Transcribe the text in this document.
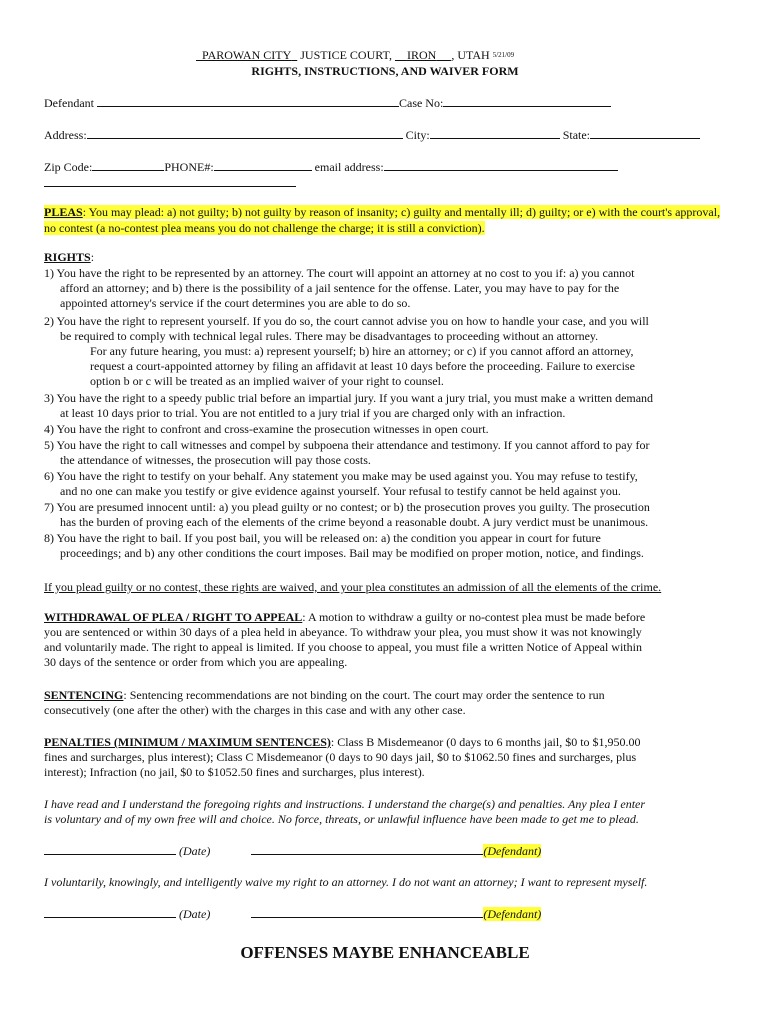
PAROWAN CITY JUSTICE COURT, IRON , UTAH 5/21/09
RIGHTS, INSTRUCTIONS, AND WAIVER FORM
Defendant	Case No:
Address:	City:	State:
Zip Code:	PHONE#:	email address:
PLEAS: You may plead: a) not guilty; b) not guilty by reason of insanity; c) guilty and mentally ill; d) guilty; or e) with the court's approval, no contest (a no-contest plea means you do not challenge the charge; it is still a conviction).
RIGHTS:
1) You have the right to be represented by an attorney. The court will appoint an attorney at no cost to you if: a) you cannot
afford an attorney; and b) there is the possibility of a jail sentence for the offense. Later, you may have to pay for the
appointed attorney's service if the court determines you are able to do so.
2) You have the right to represent yourself. If you do so, the court cannot advise you on how to handle your case, and you will
be required to comply with technical legal rules. There may be disadvantages to proceeding without an attorney.
For any future hearing, you must: a) represent yourself; b) hire an attorney; or c) if you cannot afford an attorney,
request a court-appointed attorney by filing an affidavit at least 10 days before the proceeding. Failure to exercise
option b or c will be treated as an implied waiver of your right to counsel.
3) You have the right to a speedy public trial before an impartial jury. If you want a jury trial, you must make a written demand
at least 10 days prior to trial. You are not entitled to a jury trial if you are charged only with an infraction.
4) You have the right to confront and cross-examine the prosecution witnesses in open court.
5) You have the right to call witnesses and compel by subpoena their attendance and testimony. If you cannot afford to pay for
the attendance of witnesses, the prosecution will pay those costs.
6) You have the right to testify on your behalf. Any statement you make may be used against you. You may refuse to testify,
and no one can make you testify or give evidence against yourself. Your refusal to testify cannot be held against you.
7) You are presumed innocent until: a) you plead guilty or no contest; or b) the prosecution proves you guilty. The prosecution
has the burden of proving each of the elements of the crime beyond a reasonable doubt. A jury verdict must be unanimous.
8) You have the right to bail. If you post bail, you will be released on: a) the condition you appear in court for future
proceedings; and b) any other conditions the court imposes. Bail may be modified on proper motion, notice, and findings.
If you plead guilty or no contest, these rights are waived, and your plea constitutes an admission of all the elements of the crime.
WITHDRAWAL OF PLEA / RIGHT TO APPEAL: A motion to withdraw a guilty or no-contest plea must be made before
you are sentenced or within 30 days of a plea held in abeyance. To withdraw your plea, you must show it was not knowingly
and voluntarily made. The right to appeal is limited. If you choose to appeal, you must file a written Notice of Appeal within
30 days of the sentence or order from which you are appealing.
SENTENCING: Sentencing recommendations are not binding on the court. The court may order the sentence to run
consecutively (one after the other) with the charges in this case and with any other case.
PENALTIES (MINIMUM / MAXIMUM SENTENCES): Class B Misdemeanor (0 days to 6 months jail, $0 to $1,950.00
fines and surcharges, plus interest); Class C Misdemeanor (0 days to 90 days jail, $0 to $1062.50 fines and surcharges, plus
interest); Infraction (no jail, $0 to $1052.50 fines and surcharges, plus interest).
I have read and I understand the foregoing rights and instructions. I understand the charge(s) and penalties. Any plea I enter
is voluntary and of my own free will and choice. No force, threats, or unlawful influence have been made to get me to plead.
(Date)	(Defendant)
I voluntarily, knowingly, and intelligently waive my right to an attorney. I do not want an attorney; I want to represent myself.
(Date)	(Defendant)
OFFENSES MAYBE ENHANCEABLE
